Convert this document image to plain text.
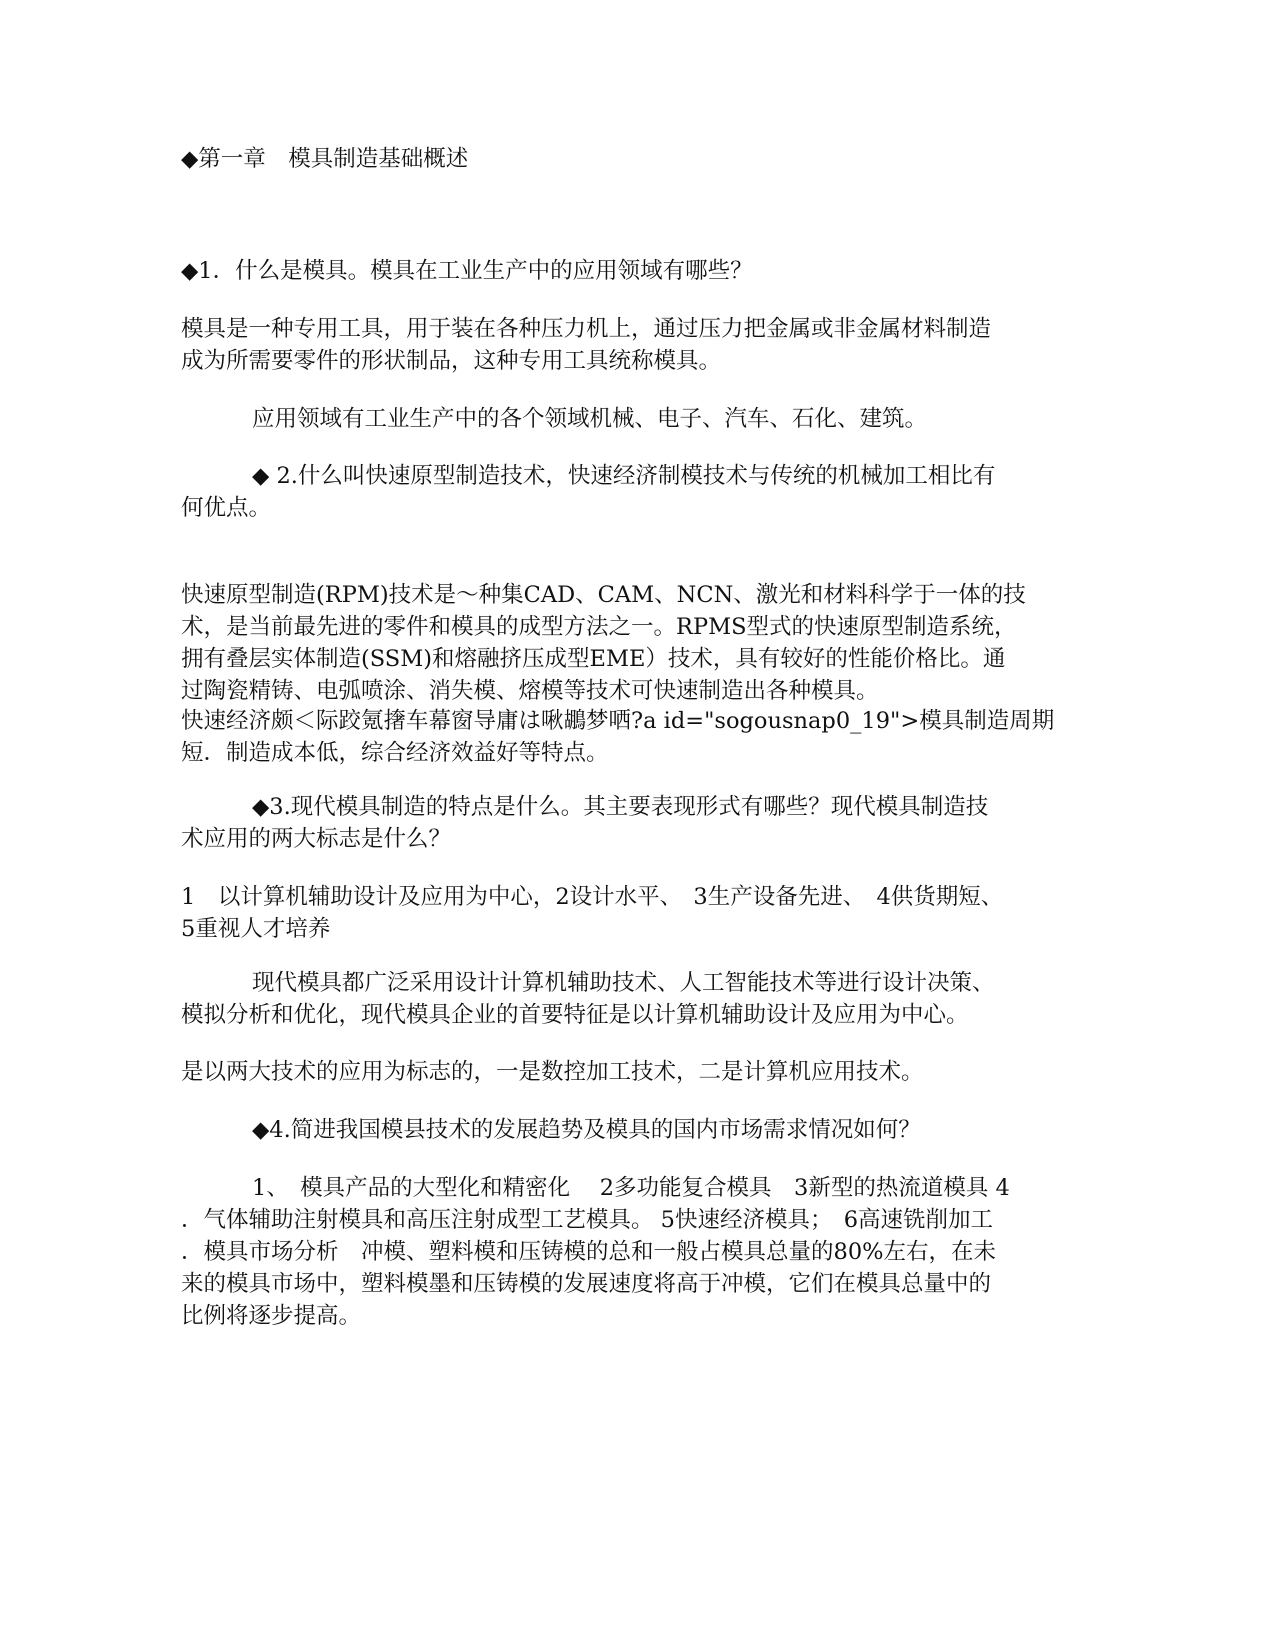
◆第一章　模具制造基础概述

◆1．什么是模具。模具在工业生产中的应用领域有哪些？

模具是一种专用工具，用于装在各种压力机上，通过压力把金属或非金属材料制造

成为所需要零件的形状制品，这种专用工具统称模具。

应用领域有工业生产中的各个领域机械、电子、汽车、石化、建筑。

◆ 2.什么叫快速原型制造技术，快速经济制模技术与传统的机械加工相比有

何优点。

快速原型制造(RPM)技术是～种集CAD、CAM、NCN、激光和材料科学于一体的技

术，是当前最先进的零件和模具的成型方法之一。RPMS型式的快速原型制造系统，

拥有叠层实体制造(SSM)和熔融挤压成型EME）技术，具有较好的性能价格比。通

过陶瓷精铸、电弧喷涂、消失模、熔模等技术可快速制造出各种模具。

快速经济颇＜际跤氪撦车幕窗导庸は啾鶘梦哂?a id="sogousnap0_19">模具制造周期

短．制造成本低，综合经济效益好等特点。

◆3.现代模具制造的特点是什么。其主要表现形式有哪些？现代模具制造技

术应用的两大标志是什么？

1　以计算机辅助设计及应用为中心，2设计水平、　3生产设备先进、　4供货期短、

5重视人才培养

现代模具都广泛采用设计计算机辅助技术、人工智能技术等进行设计决策、

模拟分析和优化，现代模具企业的首要特征是以计算机辅助设计及应用为中心。

是以两大技术的应用为标志的，一是数控加工技术，二是计算机应用技术。

◆4.简进我国模县技术的发展趋势及模具的国内市场需求情况如何？

1、　模具产品的大型化和精密化　 2多功能复合模具　3新型的热流道模具 4

．气体辅助注射模具和高压注射成型工艺模具。 5快速经济模具；　6高速铣削加工

．模具市场分析　冲模、塑料模和压铸模的总和一般占模具总量的80%左右，在未

来的模具市场中，塑料模墨和压铸模的发展速度将高于冲模，它们在模具总量中的

比例将逐步提高。
